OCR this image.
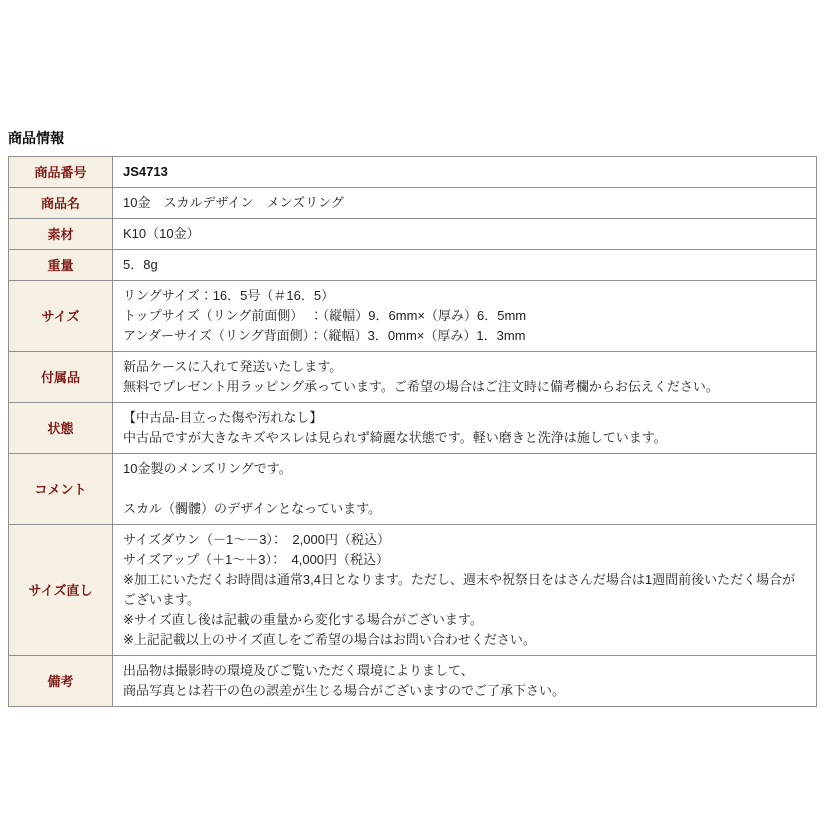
商品情報
商品番号	JS4713

商品名	10金　スカルデザイン　メンズリング

素材	K10（10金）

重量	5．8g

サイズ	リングサイズ：16．5号（＃16．5）
トップサイズ（リング前面側）　：（縦幅）9．6mm×（厚み）6．5mm
アンダーサイズ（リング背面側）：（縦幅）3．0mm×（厚み）1．3mm

付属品	新品ケースに入れて発送いたします。
無料でプレゼント用ラッピング承っています。ご希望の場合はご注文時に備考欄からお伝えください。

状態	【中古品-目立った傷や汚れなし】
中古品ですが大きなキズやスレは見られず綺麗な状態です。軽い磨きと洗浄は施しています。

コメント	10金製のメンズリングです。

スカル（髑髏）のデザインとなっています。

サイズ直し	サイズダウン（－1～－3）：　2,000円（税込）
サイズアップ（＋1～＋3）：　4,000円（税込）
※加工にいただくお時間は通常3,4日となります。ただし、週末や祝祭日をはさんだ場合は1週間前後いただく場合がございます。
※サイズ直し後は記載の重量から変化する場合がございます。
※上記記載以上のサイズ直しをご希望の場合はお問い合わせください。

備考	出品物は撮影時の環境及びご覧いただく環境によりまして、
商品写真とは若干の色の誤差が生じる場合がございますのでご了承下さい。
